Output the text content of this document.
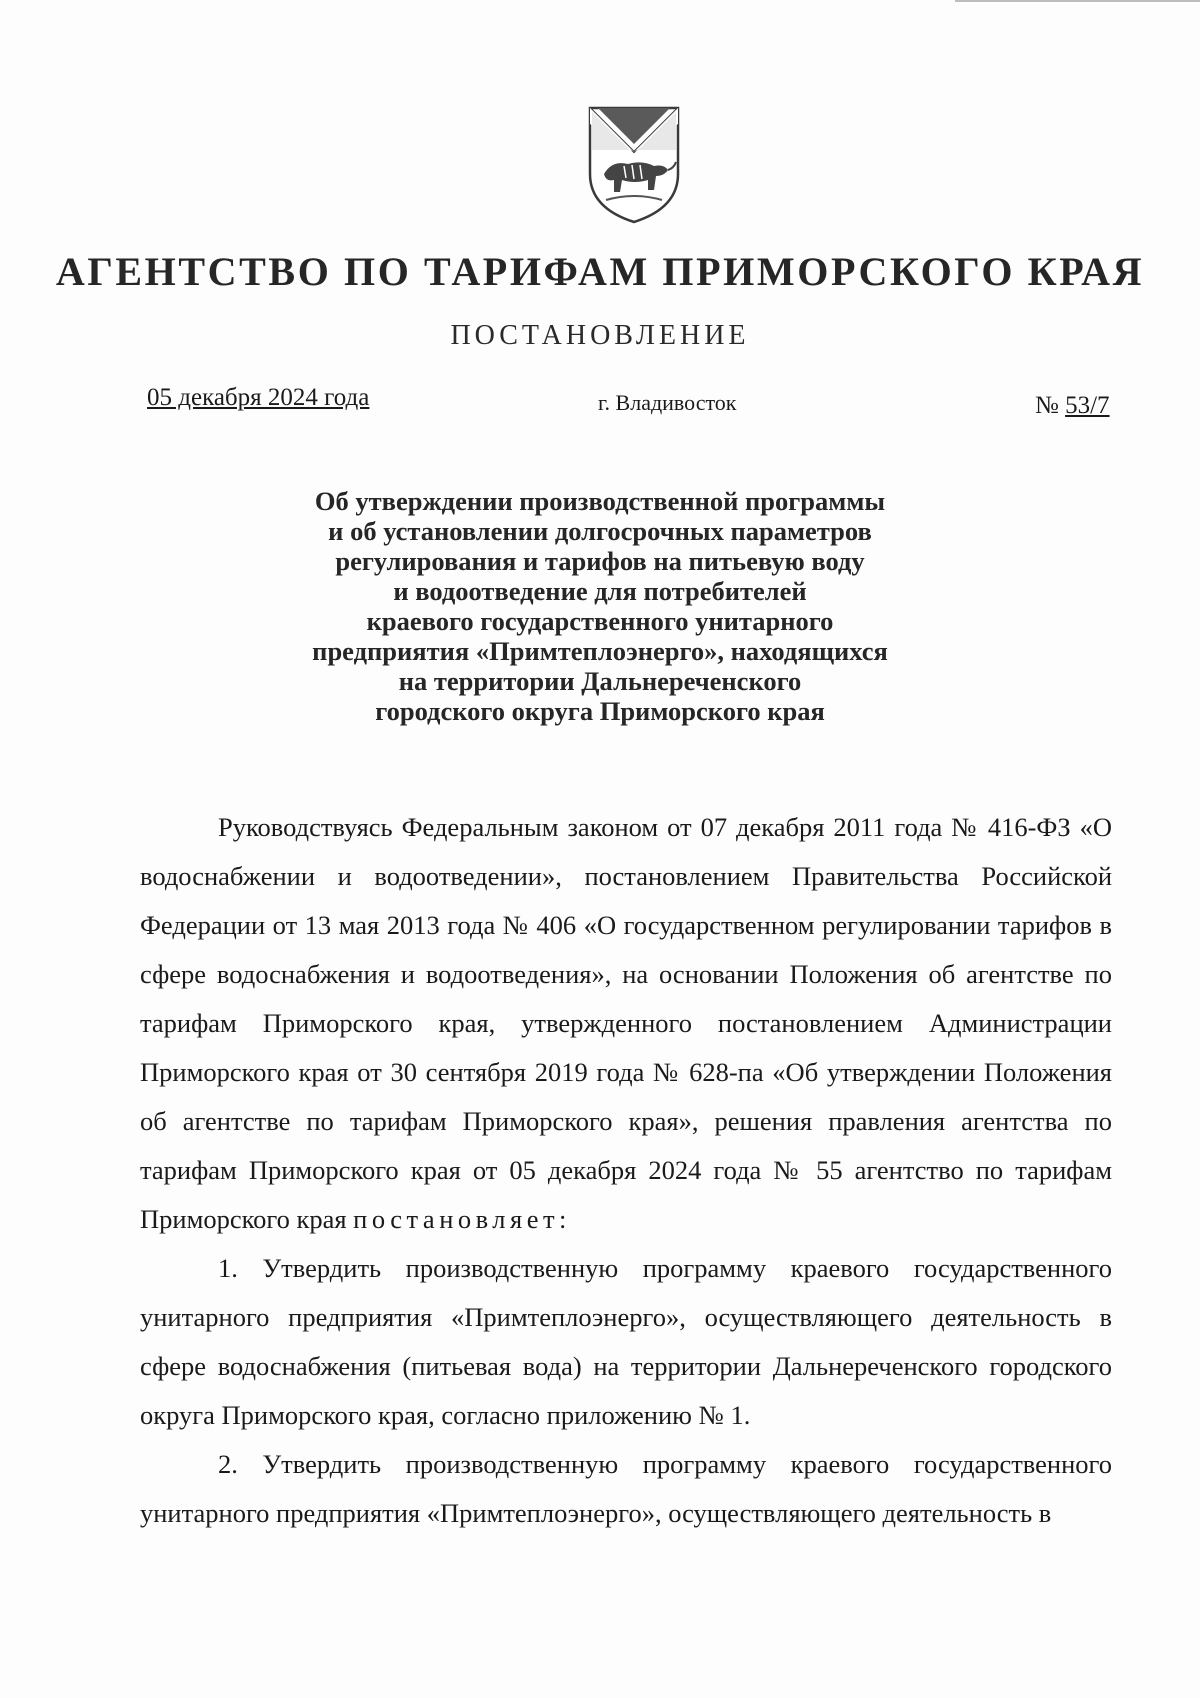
АГЕНТСТВО ПО ТАРИФАМ ПРИМОРСКОГО КРАЯ
ПОСТАНОВЛЕНИЕ
05 декабря 2024 года	г. Владивосток	№ 53/7
Об утверждении производственной программы
и об установлении долгосрочных параметров
регулирования и тарифов на питьевую воду
и водоотведение для потребителей
краевого государственного унитарного
предприятия «Примтеплоэнерго», находящихся
на территории Дальнереченского
городского округа Приморского края

Руководствуясь Федеральным законом от 07 декабря 2011 года № 416-ФЗ «О водоснабжении и водоотведении», постановлением Правительства Российской Федерации от 13 мая 2013 года № 406 «О государственном регулировании тарифов в сфере водоснабжения и водоотведения», на основании Положения об агентстве по тарифам Приморского края, утвержденного постановлением Администрации Приморского края от 30 сентября 2019 года № 628-па «Об утверждении Положения об агентстве по тарифам Приморского края», решения правления агентства по тарифам Приморского края от 05 декабря 2024 года № 55 агентство по тарифам Приморского края постановляет:

1. Утвердить производственную программу краевого государственного унитарного предприятия «Примтеплоэнерго», осуществляющего деятельность в сфере водоснабжения (питьевая вода) на территории Дальнереченского городского округа Приморского края, согласно приложению № 1.

2. Утвердить производственную программу краевого государственного унитарного предприятия «Примтеплоэнерго», осуществляющего деятельность в
